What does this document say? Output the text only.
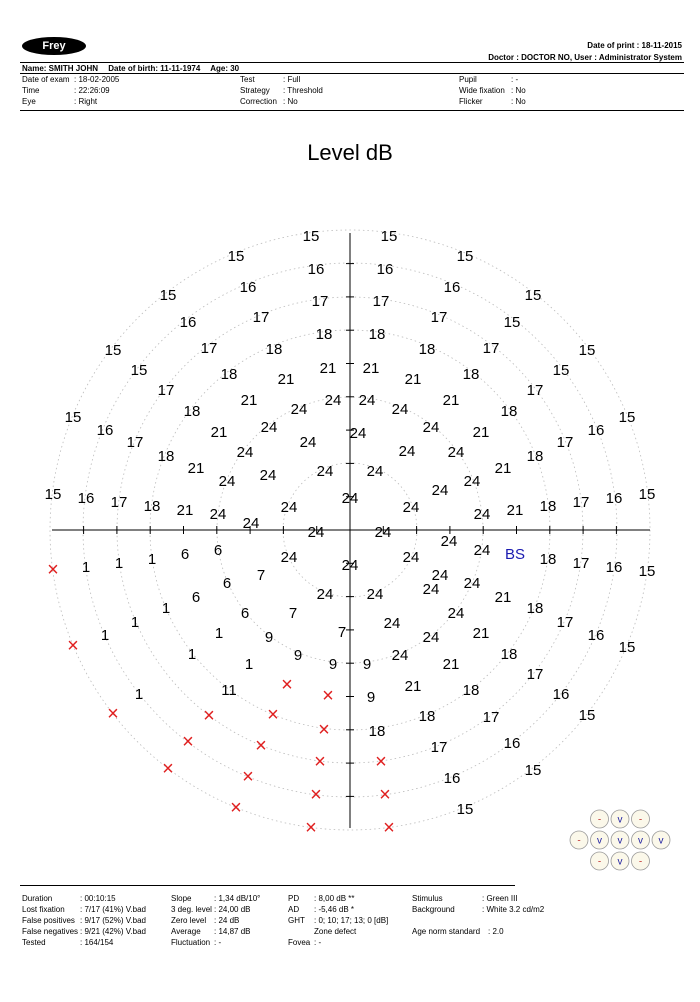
Frey	Date of print : 18-11-2015
Doctor : DOCTOR NO, User : Administrator System
Name: SMITH JOHN Date of birth: 11-11-1974 Age: 30
Date of exam : 18-02-2005
Time	: 22:26:09
Eye	: Right
Test	: Full
Strategy : Threshold
Correction : No
Pupil	: -
Wide fixation : No
Flicker	: No
Level dB
15	15
15
16	16
15
15	16
17	17
16	15
16	17
18 18
17	15
15	17	18
21 21
18	17	15
15	18	21
24 24
21	18	15
17
21
24	24
21
17
15	18
24	24	24
18	15
16	21
24
21	16
17
24	24 24
17
18
21	24	24 24	21
18
24
24
24
15 16 17 18 21 24	24
24
24	24 21 18 17 16 15
24
24	24
24
1 1 1 6 6	24	24	24	24
18 17 16 15
7
6	24 24
6	24 24	24	21
1	6	7	24	18
1	24	17
1	1	9	7	24 21	16
1	9	24	18	15
1	9 9	21
1	11	9
21	18
17
16
18
18	17	15
17	16
16	15
15
×
×
×
× ×
×	×
×
×	×
×	×
× ×
×
×	×
×	×
BS
- v -
- v v v v
- v -
Duration	: 00:10:15
Lost fixation : 7/17 (41%) V.bad
False positives : 9/17 (52%) V.bad
False negatives : 9/21 (42%) V.bad
Tested	: 164/154
Slope	: 1,34 dB/10°
3 deg. level : 24,00 dB
Zero level : 24 dB
Average : 14,87 dB
Fluctuation : -
PD : 8,00 dB **
AD : -5,46 dB *
GHT : 0; 10; 17; 13; 0 [dB]
Zone defect
Fovea : -
Stimulus	: Green III
Background	: White 3.2 cd/m2
Age norm standard : 2.0
